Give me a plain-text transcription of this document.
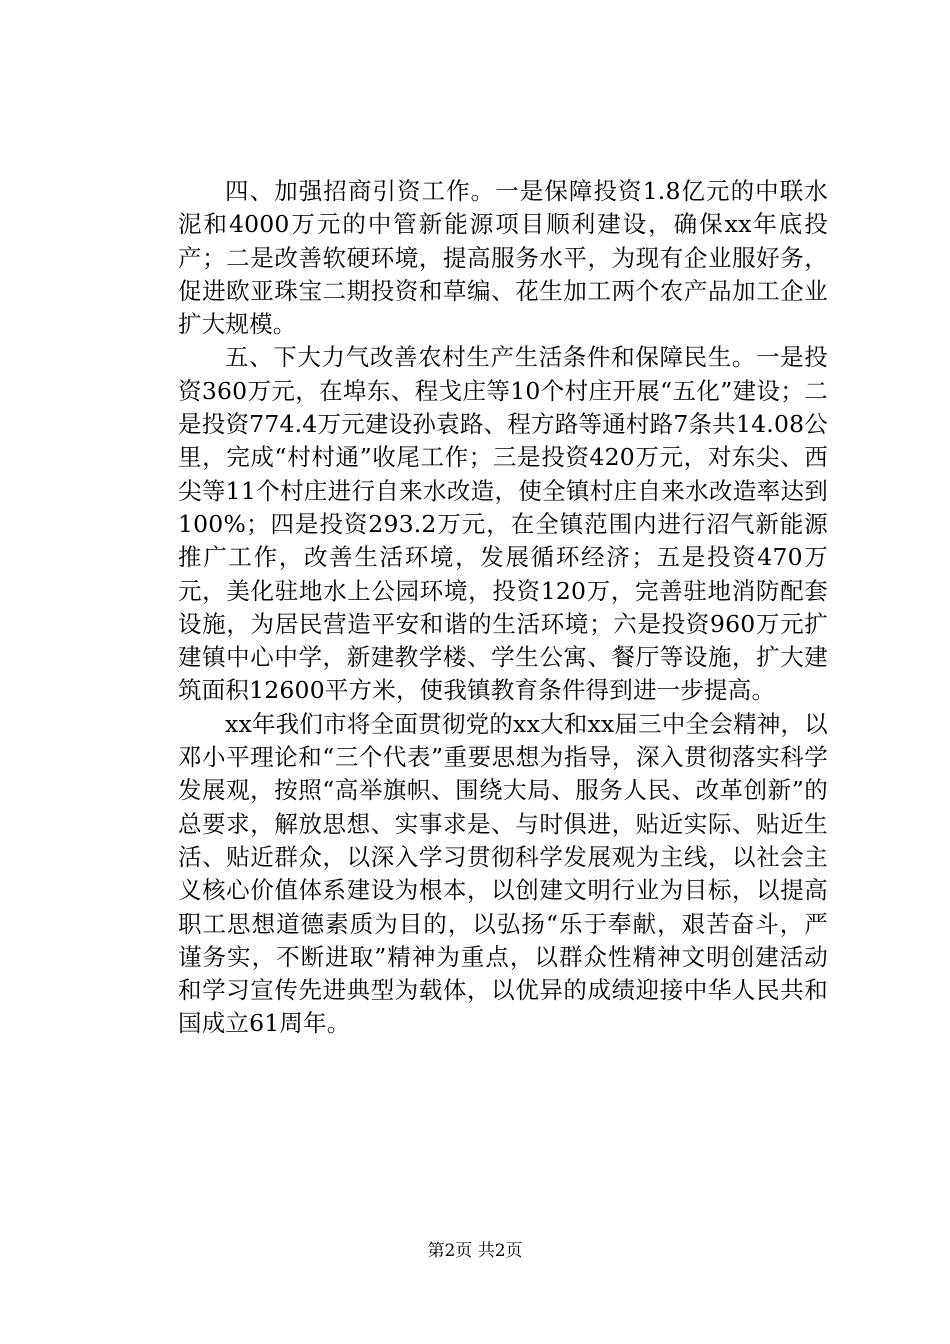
四、加强招商引资工作。一是保障投资1.8亿元的中联水泥和4000万元的中管新能源项目顺利建设，确保xx年底投产；二是改善软硬环境，提高服务水平，为现有企业服好务，促进欧亚珠宝二期投资和草编、花生加工两个农产品加工企业扩大规模。

五、下大力气改善农村生产生活条件和保障民生。一是投资360万元，在埠东、程戈庄等10个村庄开展“五化”建设；二是投资774.4万元建设孙袁路、程方路等通村路7条共14.08公里，完成“村村通”收尾工作；三是投资420万元，对东尖、西尖等11个村庄进行自来水改造，使全镇村庄自来水改造率达到100%；四是投资293.2万元，在全镇范围内进行沼气新能源推广工作，改善生活环境，发展循环经济；五是投资470万元，美化驻地水上公园环境，投资120万，完善驻地消防配套设施，为居民营造平安和谐的生活环境；六是投资960万元扩建镇中心中学，新建教学楼、学生公寓、餐厅等设施，扩大建筑面积12600平方米，使我镇教育条件得到进一步提高。

xx年我们市将全面贯彻党的xx大和xx届三中全会精神，以邓小平理论和“三个代表”重要思想为指导，深入贯彻落实科学发展观，按照“高举旗帜、围绕大局、服务人民、改革创新”的总要求，解放思想、实事求是、与时俱进，贴近实际、贴近生活、贴近群众，以深入学习贯彻科学发展观为主线，以社会主义核心价值体系建设为根本，以创建文明行业为目标，以提高职工思想道德素质为目的，以弘扬“乐于奉献，艰苦奋斗，严谨务实，不断进取”精神为重点，以群众性精神文明创建活动和学习宣传先进典型为载体，以优异的成绩迎接中华人民共和国成立61周年。

第2页 共2页
